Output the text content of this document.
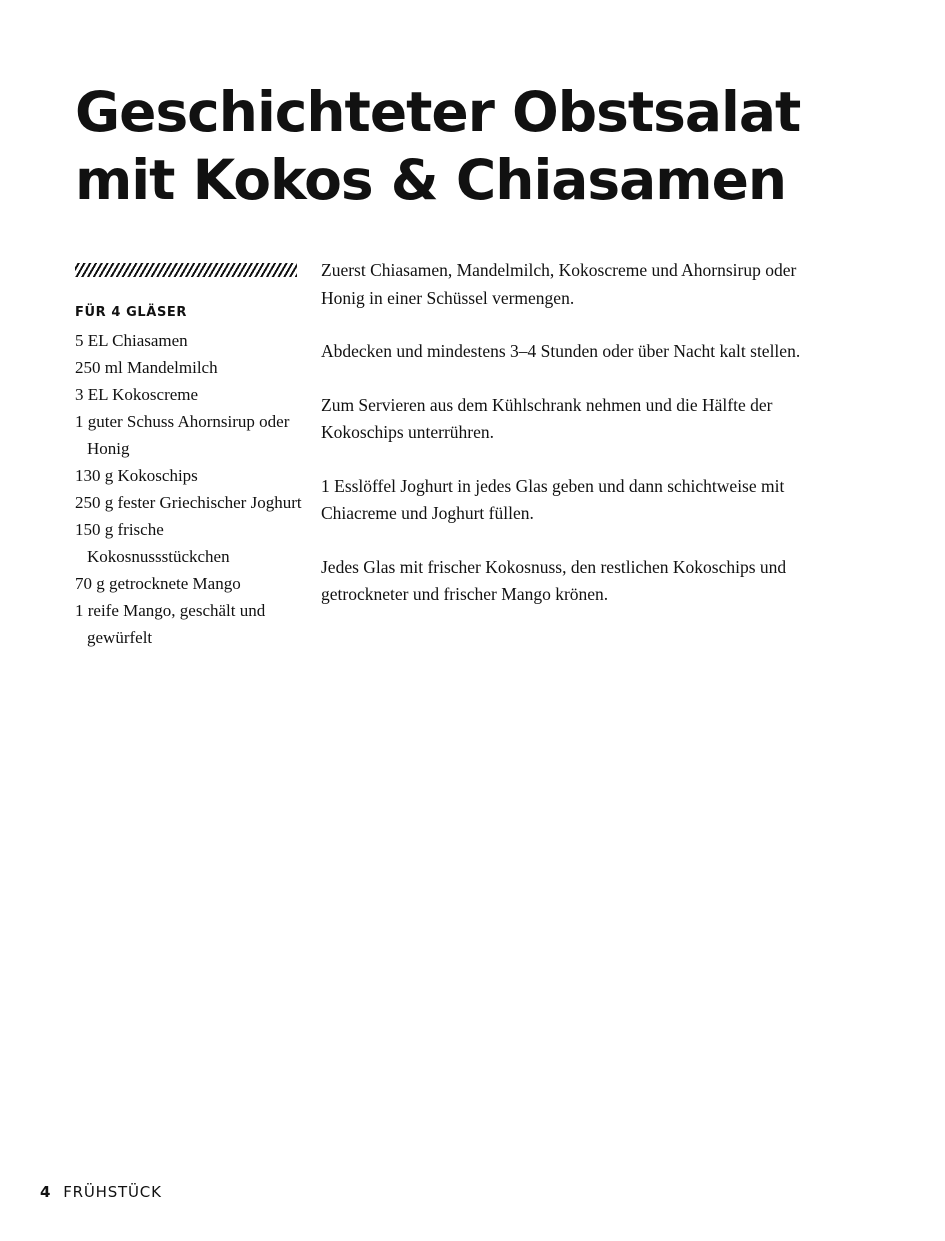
Geschichteter Obstsalat
mit Kokos & Chiasamen
FÜR 4 GLÄSER
5 EL Chiasamen
250 ml Mandelmilch
3 EL Kokoscreme
1 guter Schuss Ahornsirup oder Honig
130 g Kokoschips
250 g fester Griechischer Joghurt
150 g frische Kokosnussstückchen
70 g getrocknete Mango
1 reife Mango, geschält und gewürfelt

Zuerst Chiasamen, Mandelmilch, Kokoscreme und Ahornsirup oder Honig in einer Schüssel vermengen.

Abdecken und mindestens 3–4 Stunden oder über Nacht kalt stellen.

Zum Servieren aus dem Kühlschrank nehmen und die Hälfte der Kokoschips unterrühren.

1 Esslöffel Joghurt in jedes Glas geben und dann schichtweise mit Chiacreme und Joghurt füllen.

Jedes Glas mit frischer Kokosnuss, den restlichen Kokoschips und getrockneter und frischer Mango krönen.

4 FRÜHSTÜCK
